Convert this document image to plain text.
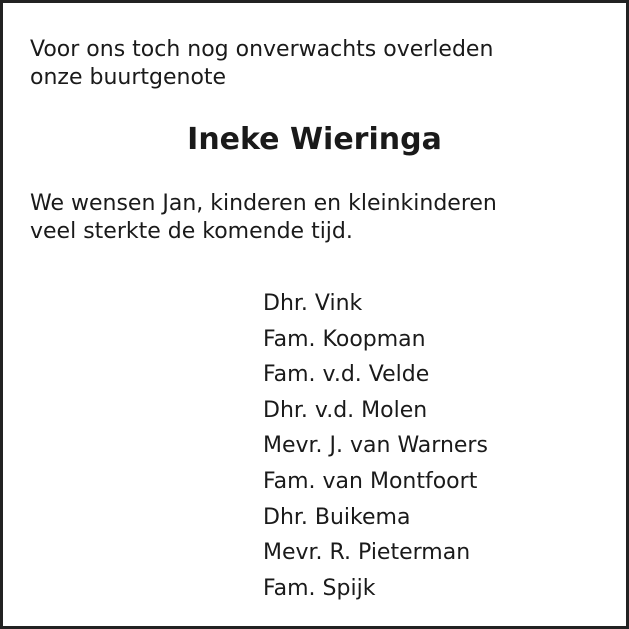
Voor ons toch nog onverwachts overleden
onze buurtgenote

Ineke Wieringa

We wensen Jan, kinderen en kleinkinderen
veel sterkte de komende tijd.

Dhr. Vink
Fam. Koopman
Fam. v.d. Velde
Dhr. v.d. Molen
Mevr. J. van Warners
Fam. van Montfoort
Dhr. Buikema
Mevr. R. Pieterman
Fam. Spijk
